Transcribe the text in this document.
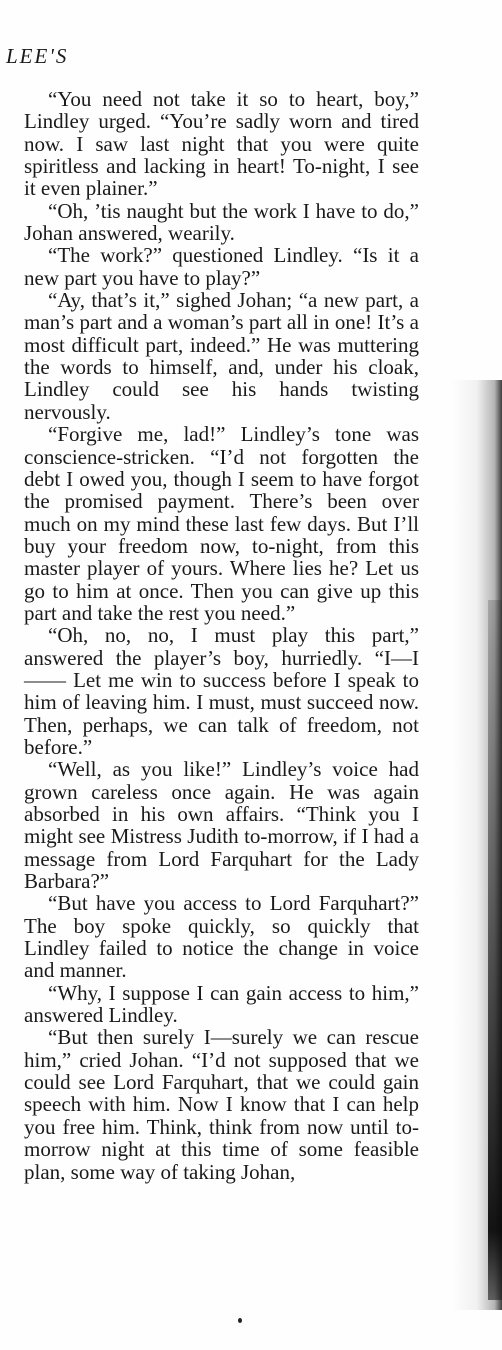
LEE'S

“You need not take it so to heart, boy,” Lindley urged. “You’re sadly worn and tired now. I saw last night that you were quite spiritless and lacking in heart! To-night, I see it even plainer.”

“Oh, ’tis naught but the work I have to do,” Johan answered, wearily.

“The work?” questioned Lindley. “Is it a new part you have to play?”

“Ay, that’s it,” sighed Johan; “a new part, a man’s part and a woman’s part all in one! It’s a most difficult part, indeed.” He was muttering the words to himself, and, under his cloak, Lindley could see his hands twisting nervously.

“Forgive me, lad!” Lindley’s tone was conscience-stricken. “I’d not forgotten the debt I owed you, though I seem to have forgot the promised payment. There’s been over much on my mind these last few days. But I’ll buy your freedom now, to-night, from this master player of yours. Where lies he? Let us go to him at once. Then you can give up this part and take the rest you need.”

“Oh, no, no, I must play this part,” answered the player’s boy, hurriedly. “I—I—— Let me win to success before I speak to him of leaving him. I must, must succeed now. Then, perhaps, we can talk of freedom, not before.”

“Well, as you like!” Lindley’s voice had grown careless once again. He was again absorbed in his own affairs. “Think you I might see Mistress Judith to-morrow, if I had a message from Lord Farquhart for the Lady Barbara?”

“But have you access to Lord Farquhart?” The boy spoke quickly, so quickly that Lindley failed to notice the change in voice and manner.

“Why, I suppose I can gain access to him,” answered Lindley.

“But then surely I—surely we can rescue him,” cried Johan. “I’d not supposed that we could see Lord Farquhart, that we could gain speech with him. Now I know that I can help you free him. Think, think from now until to-morrow night at this time of some feasible plan, some way of taking Johan,
